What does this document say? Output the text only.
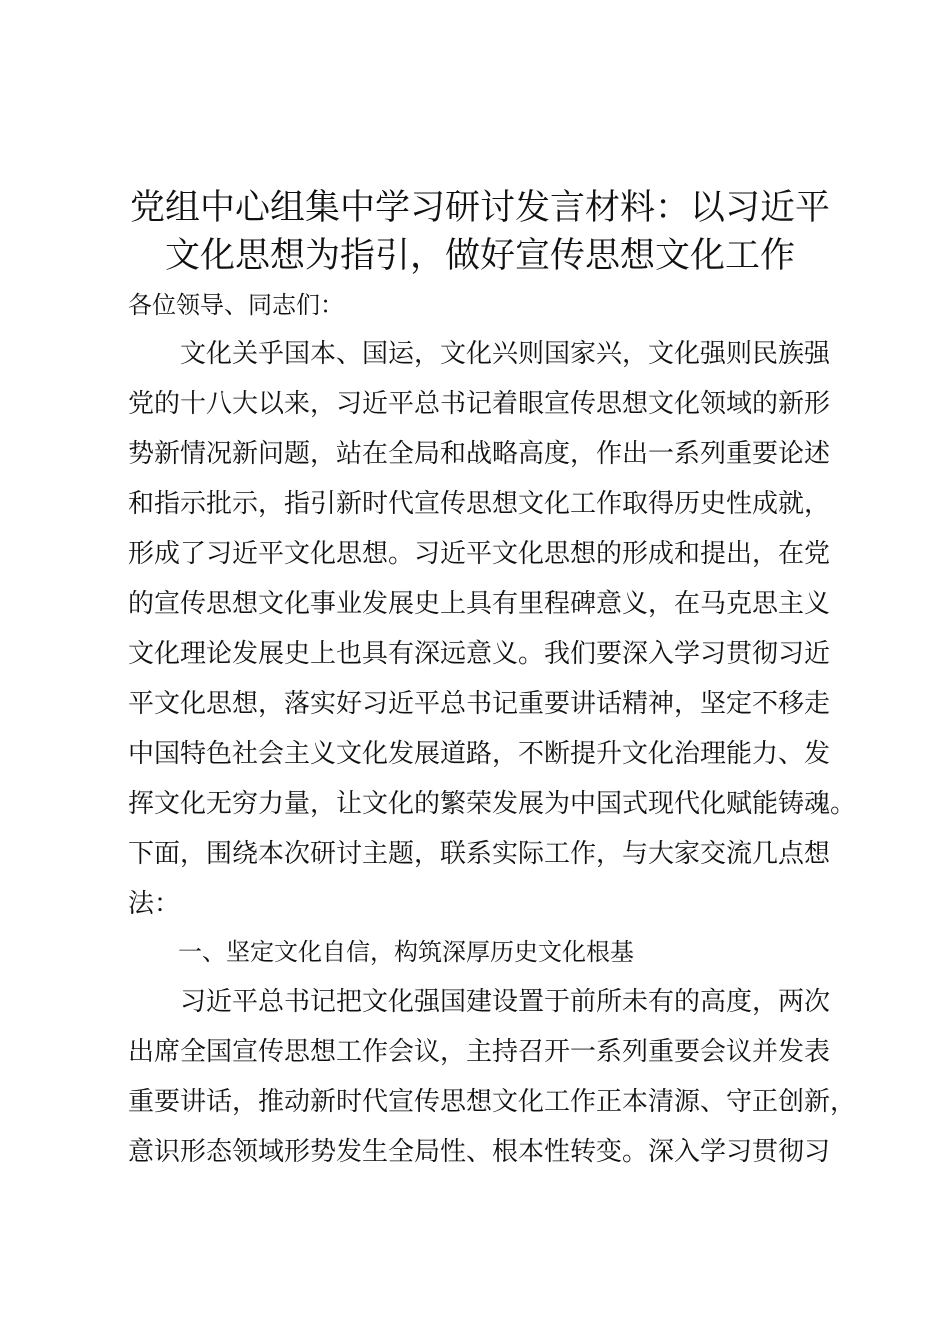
党组中心组集中学习研讨发言材料：以习近平
文化思想为指引，做好宣传思想文化工作
各位领导、同志们：
　　文化关乎国本、国运，文化兴则国家兴，文化强则民族强
党的十八大以来，习近平总书记着眼宣传思想文化领域的新形
势新情况新问题，站在全局和战略高度，作出一系列重要论述
和指示批示，指引新时代宣传思想文化工作取得历史性成就，
形成了习近平文化思想。习近平文化思想的形成和提出，在党
的宣传思想文化事业发展史上具有里程碑意义，在马克思主义
文化理论发展史上也具有深远意义。我们要深入学习贯彻习近
平文化思想，落实好习近平总书记重要讲话精神，坚定不移走
中国特色社会主义文化发展道路，不断提升文化治理能力、发
挥文化无穷力量，让文化的繁荣发展为中国式现代化赋能铸魂。
下面，围绕本次研讨主题，联系实际工作，与大家交流几点想
法：
一、坚定文化自信，构筑深厚历史文化根基
　　习近平总书记把文化强国建设置于前所未有的高度，两次
出席全国宣传思想工作会议，主持召开一系列重要会议并发表
重要讲话，推动新时代宣传思想文化工作正本清源、守正创新，
意识形态领域形势发生全局性、根本性转变。深入学习贯彻习
